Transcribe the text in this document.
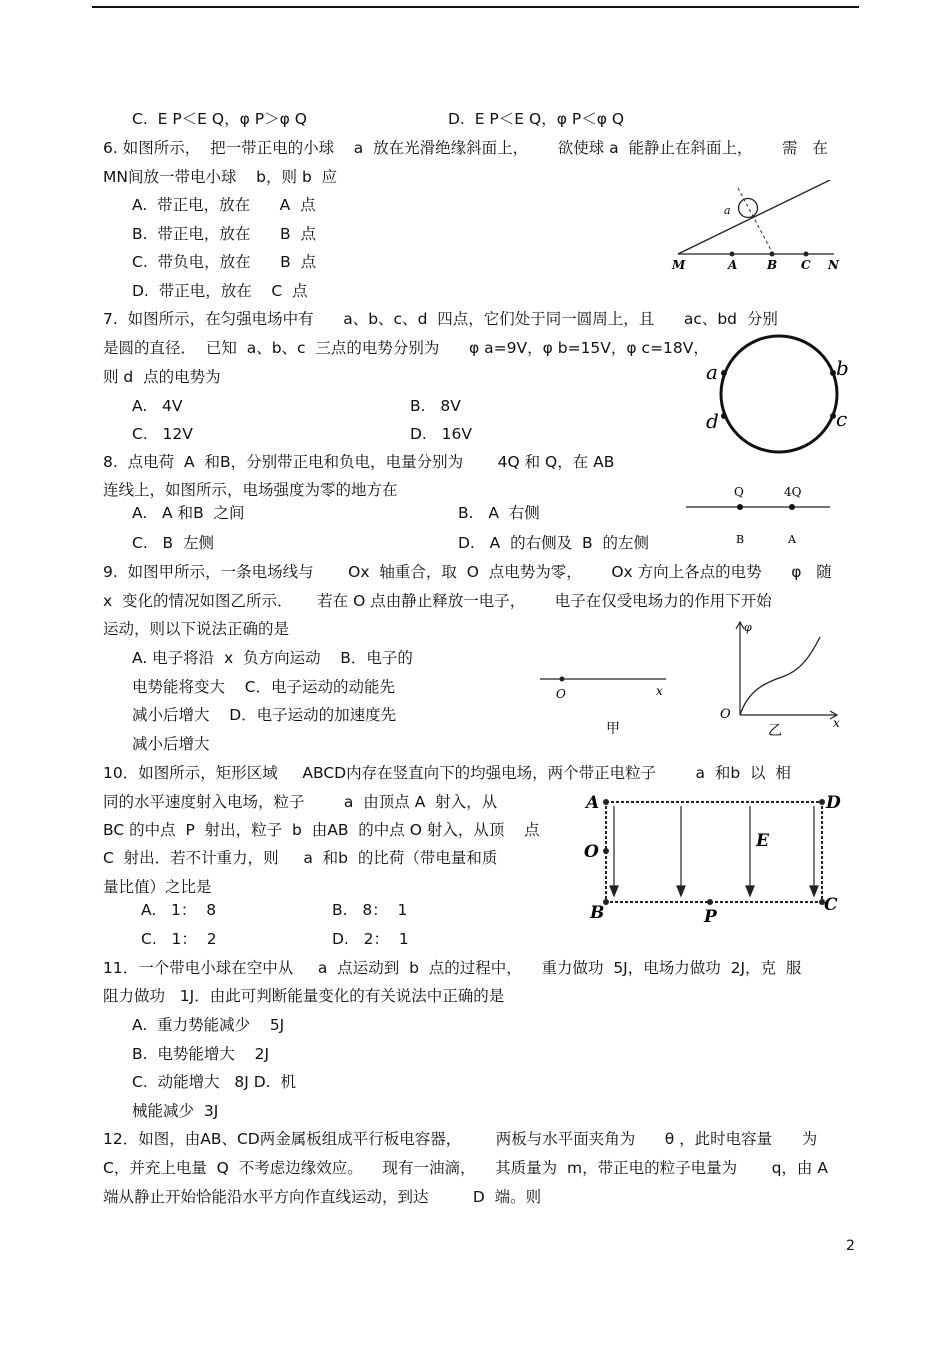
C.  E P＜E Q，φ P＞φ Q	D.  E P＜E Q，φ P＜φ Q
6. 如图所示，  把一带正电的小球    a  放在光滑绝缘斜面上，      欲使球 a  能静止在斜面上，      需   在
MN间放一带电小球    b，则 b  应
A.  带正电，放在      A  点
B.  带正电，放在      B  点
C.  带负电，放在      B  点
D.  带正电，放在    C  点
7.  如图所示，在匀强电场中有      a、b、c、d  四点，它们处于同一圆周上，且      ac、bd  分别
是圆的直径．  已知  a、b、c  三点的电势分别为      φ a=9V，φ b=15V，φ c=18V，
则 d  点的电势为
A.   4V	B.   8V
C.   12V	D.   16V
8.  点电荷  A  和B，分别带正电和负电，电量分别为       4Q 和 Q，在 AB
连线上，如图所示，电场强度为零的地方在
A.   A 和B  之间	B.   A  右侧
C.   B  左侧	D.   A  的右侧及  B  的左侧
9.  如图甲所示，一条电场线与       Ox  轴重合，取  O  点电势为零，      Ox 方向上各点的电势      φ   随
x  变化的情况如图乙所示．     若在 O 点由静止释放一电子，      电子在仅受电场力的作用下开始
运动，则以下说法正确的是
A. 电子将沿  x  负方向运动    B．电子的
电势能将变大    C．电子运动的动能先
减小后增大    D．电子运动的加速度先
减小后增大
10．如图所示，矩形区域     ABCD内存在竖直向下的均强电场，两个带正电粒子        a  和b  以  相
同的水平速度射入电场，粒子        a  由顶点 A  射入，从
BC 的中点  P  射出，粒子  b  由AB  的中点 O 射入，从顶    点
C  射出．若不计重力，则     a  和b  的比荷（带电量和质
量比值）之比是
A.   1：  8	B.   8：  1
C.   1：  2	D.   2：  1
11．一个带电小球在空中从     a  点运动到  b  点的过程中，    重力做功  5J，电场力做功  2J，克  服
阻力做功   1J．由此可判断能量变化的有关说法中正确的是
A.  重力势能减少    5J
B.  电势能增大    2J
C.  动能增大   8J D.  机
械能减少  3J
12．如图，由AB、CD两金属板组成平行板电容器，       两板与水平面夹角为      θ ，此时电容量      为
C，并充上电量  Q  不考虑边缘效应。    现有一油滴，    其质量为  m，带正电的粒子电量为       q，由 A
端从静止开始恰能沿水平方向作直线运动，到达         D  端。则
a
M	A B C N
a	b
d	c
Q	4Q
B	A
O	x
甲
φ
O
x
乙
A	D
O
E
B	P
C
2
